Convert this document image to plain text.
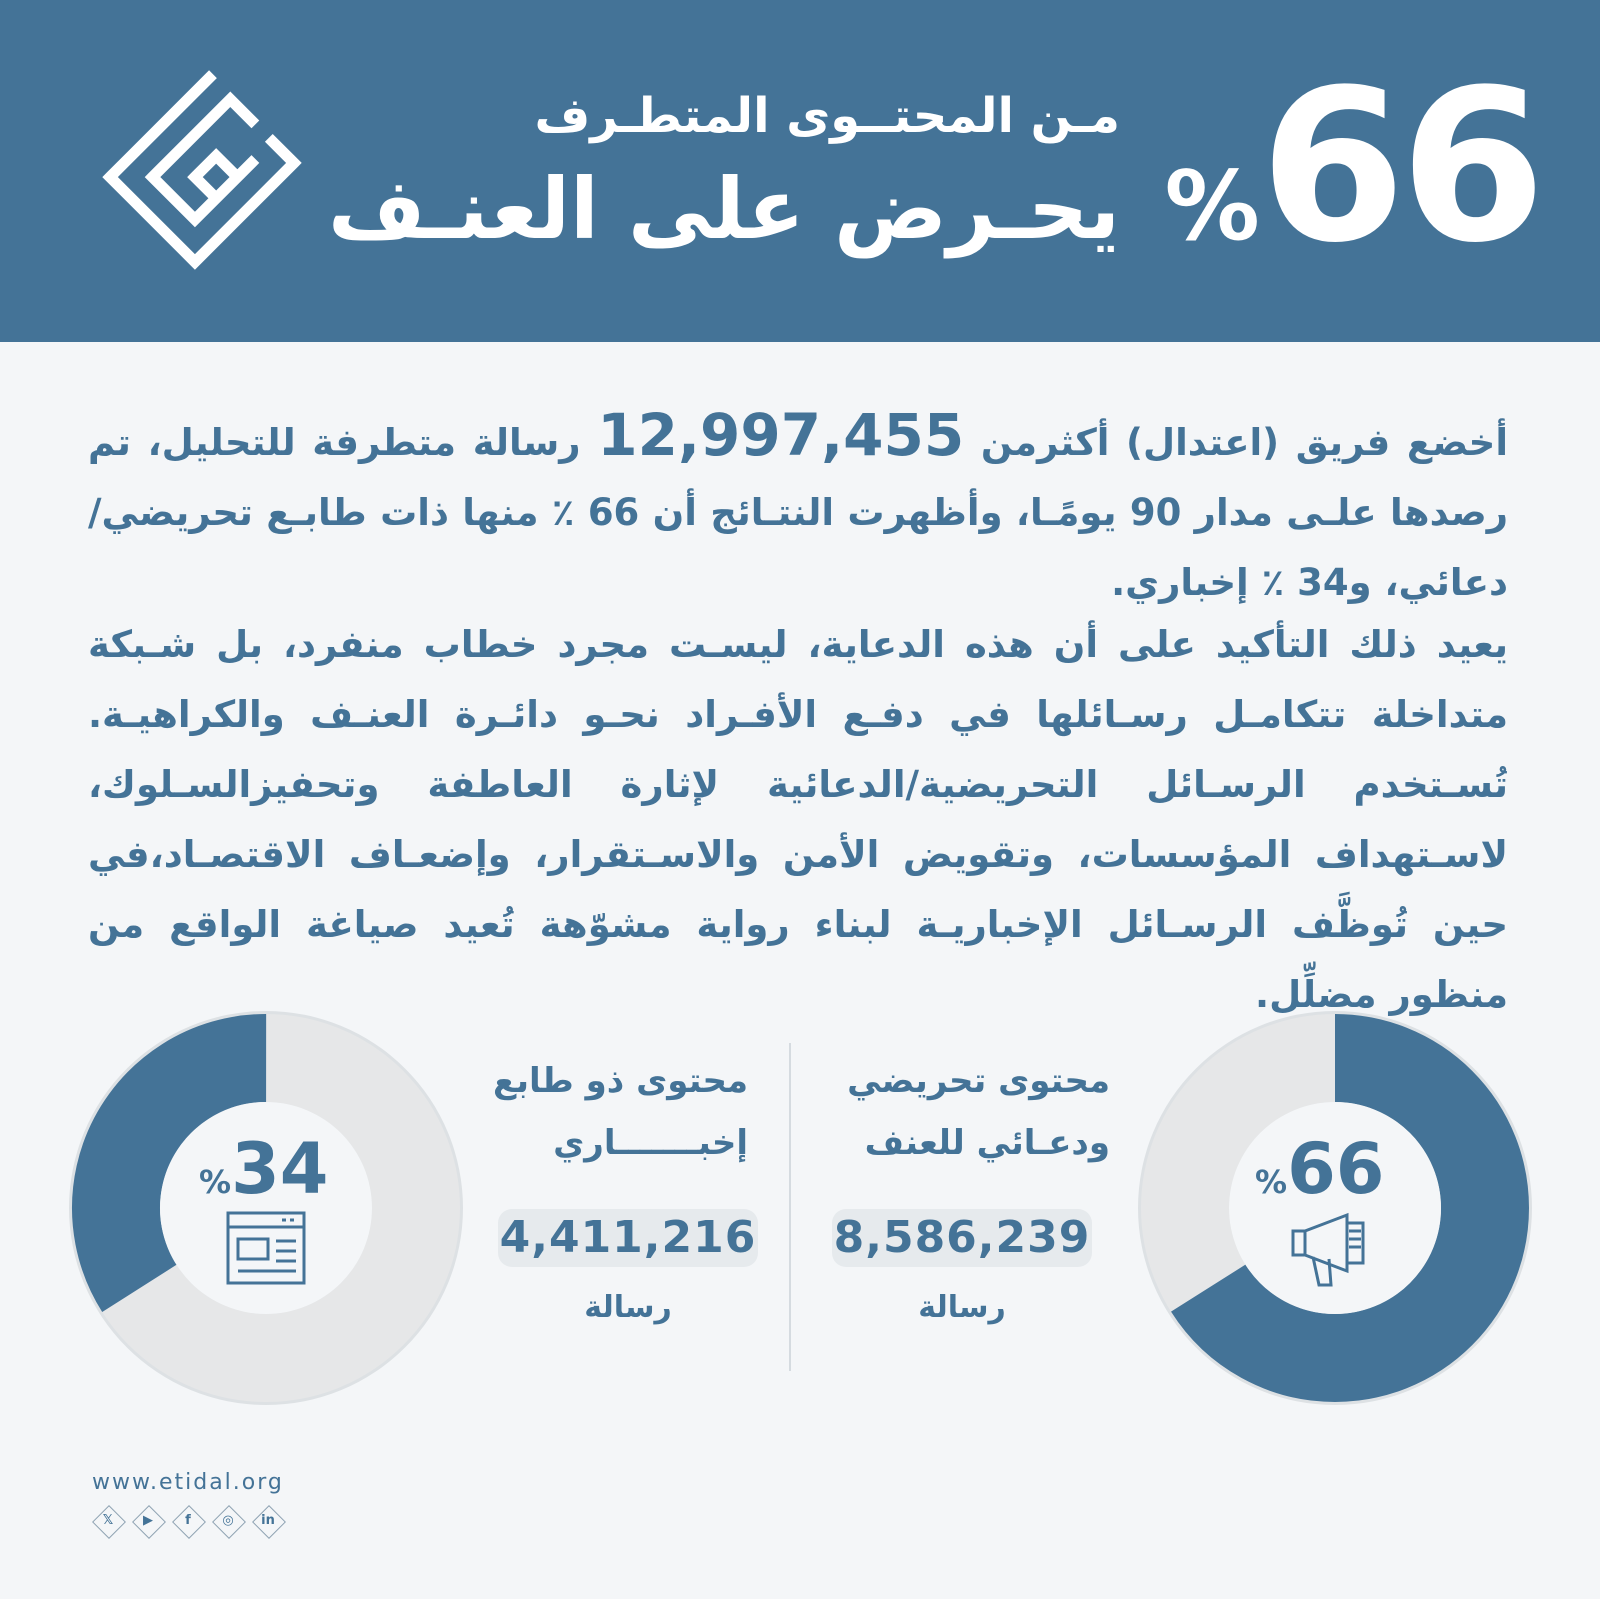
مـن المحتــوى المتطـرف
يحـرض على العنـف %66

أخضع فريق (اعتدال) أكثرمن 12,997,455 رسالة متطرفة للتحليل، تم رصدها علـى مدار 90 يومًـا، وأظهرت النتـائج أن 66 ٪ منها ذات طابـع تحريضي/دعائي، و34 ٪ إخباري.

يعيد ذلك التأكيد على أن هذه الدعاية، ليسـت مجرد خطاب منفرد، بل شـبكة متداخلة تتكامـل رسـائلها في دفـع الأفـراد نحـو دائـرة العنـف والكراهيـة. تُسـتخدم الرسـائل التحريضية/الدعائية لإثارة العاطفة وتحفيزالسـلوك، لاسـتهداف المؤسسات، وتقويض الأمن والاسـتقرار، وإضعـاف الاقتصـاد،في حين تُوظَّف الرسـائل الإخباريـة لبناء رواية مشوّهة تُعيد صياغة الواقع من منظور مضلِّل.

%66
%34
محتوى تحريضي
ودعـائي للعنف
8,586,239
رسالة
محتوى ذو طابع
إخبـــــــاري
4,411,216
رسالة
www.etidal.org
𝕏	▶	f	◎	in
